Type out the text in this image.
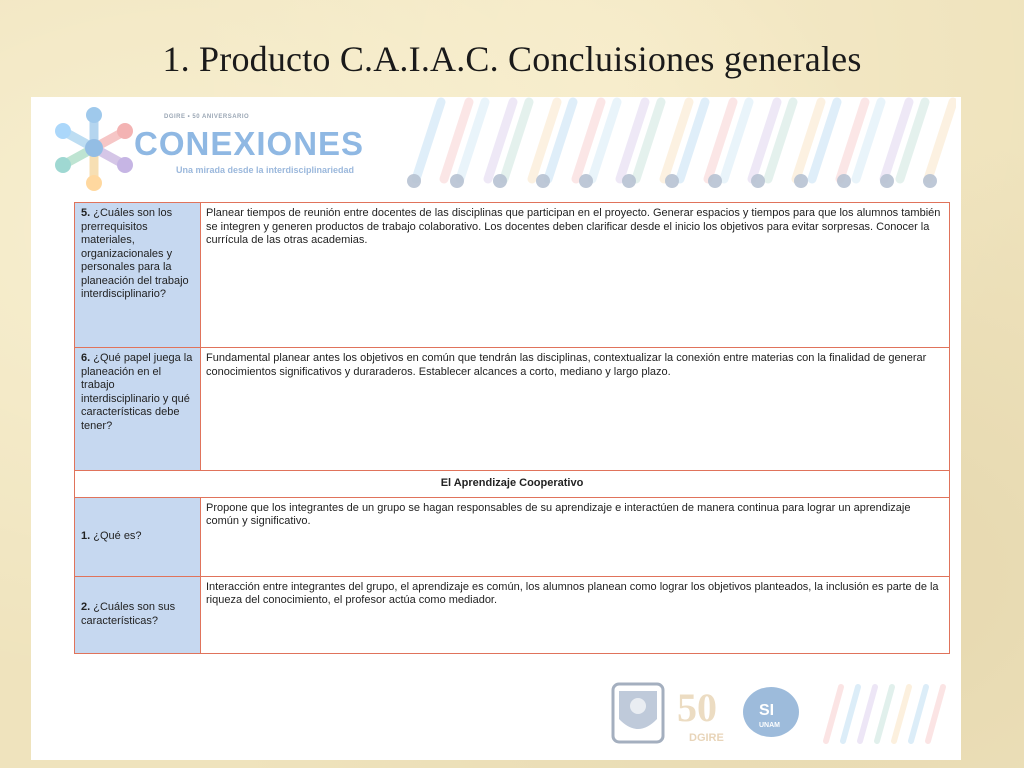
1. Producto C.A.I.A.C. Concluisiones generales
DGIRE • 50 ANIVERSARIO
CONEXIONES
Una mirada desde la interdisciplinariedad
5. ¿Cuáles son los prerrequisitos materiales, organizacionales y personales para la planeación del trabajo interdisciplinario?	Planear tiempos de reunión entre docentes de las disciplinas que participan en el proyecto. Generar espacios y tiempos para que los alumnos también se integren y generen productos de trabajo colaborativo. Los docentes deben clarificar desde el inicio los objetivos para evitar sorpresas. Conocer la currícula de las otras academias.
6. ¿Qué papel juega la planeación en el trabajo interdisciplinario y qué características debe tener?	Fundamental planear antes los objetivos en común que tendrán las disciplinas, contextualizar la conexión entre materias con la finalidad de generar conocimientos significativos y duraraderos. Establecer alcances a corto, mediano y largo plazo.
El Aprendizaje Cooperativo	
1. ¿Qué es?	Propone que los integrantes de un grupo se hagan responsables de su aprendizaje e interactúen de manera continua para lograr un aprendizaje común y significativo.
2. ¿Cuáles son sus características?	Interacción entre integrantes del grupo, el aprendizaje es común, los alumnos planean como lograr los objetivos planteados, la inclusión es parte de la riqueza del conocimiento, el profesor actúa como mediador.
50
DGIRE
SI
UNAM
